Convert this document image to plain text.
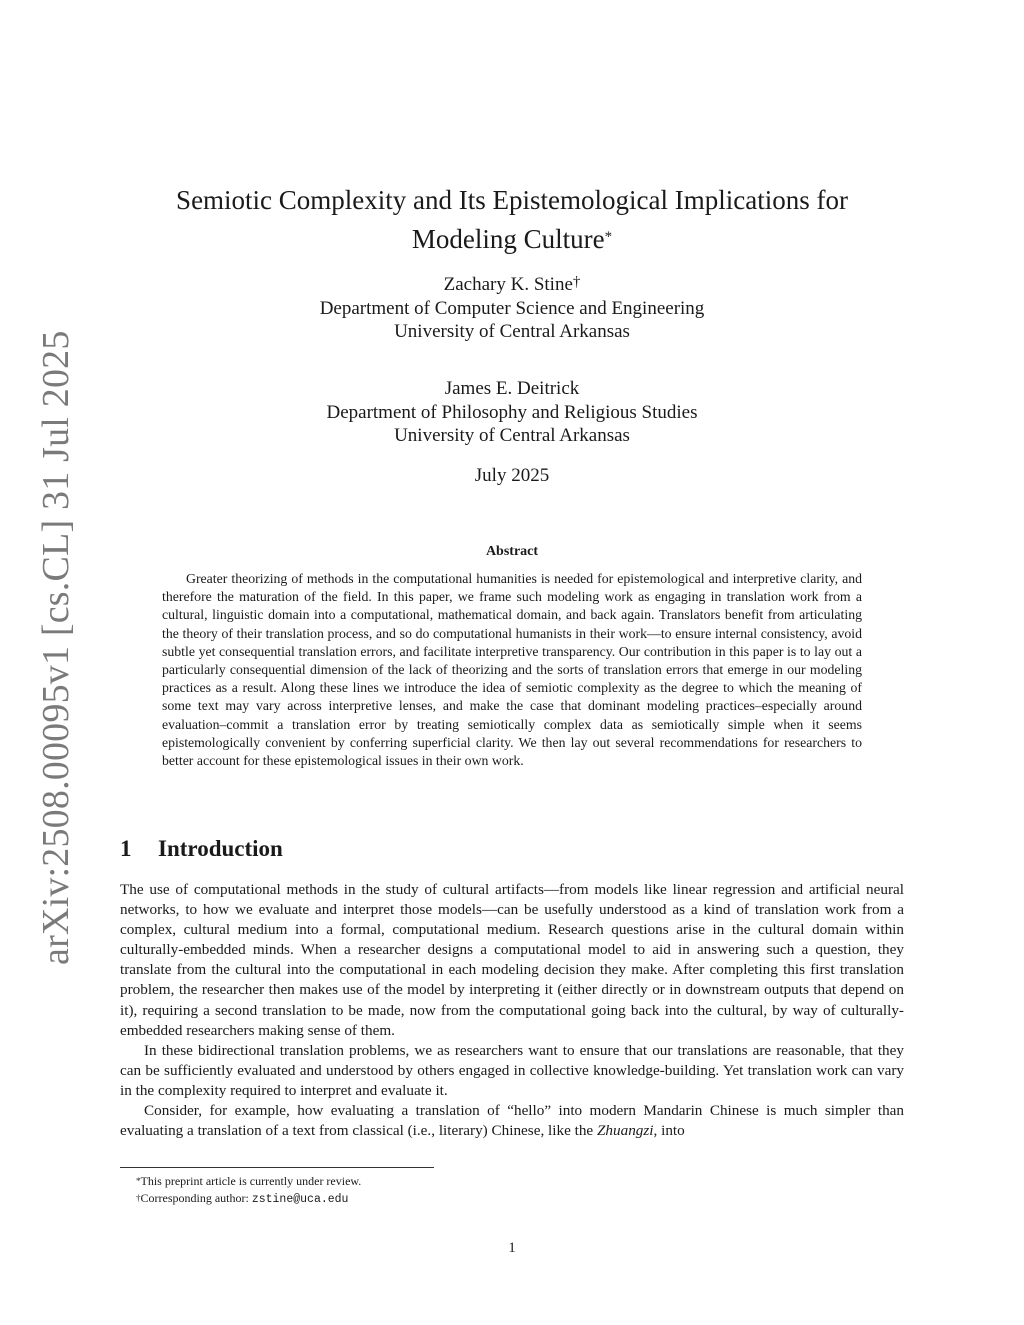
arXiv:2508.00095v1 [cs.CL] 31 Jul 2025
Semiotic Complexity and Its Epistemological Implications for
Modeling Culture*
Zachary K. Stine†
Department of Computer Science and Engineering
University of Central Arkansas
James E. Deitrick
Department of Philosophy and Religious Studies
University of Central Arkansas
July 2025
Abstract

Greater theorizing of methods in the computational humanities is needed for epistemological and interpretive clarity, and therefore the maturation of the field. In this paper, we frame such modeling work as engaging in translation work from a cultural, linguistic domain into a computational, mathematical domain, and back again. Translators benefit from articulating the theory of their translation process, and so do computational humanists in their work—to ensure internal consistency, avoid subtle yet consequential translation errors, and facilitate interpretive transparency. Our contribution in this paper is to lay out a particularly consequential dimension of the lack of theorizing and the sorts of translation errors that emerge in our modeling practices as a result. Along these lines we introduce the idea of semiotic complexity as the degree to which the meaning of some text may vary across interpretive lenses, and make the case that dominant modeling practices–especially around evaluation–commit a translation error by treating semiotically complex data as semiotically simple when it seems epistemologically convenient by conferring superficial clarity. We then lay out several recommendations for researchers to better account for these epistemological issues in their own work.

1 Introduction

The use of computational methods in the study of cultural artifacts—from models like linear regression and artificial neural networks, to how we evaluate and interpret those models—can be usefully understood as a kind of translation work from a complex, cultural medium into a formal, computational medium. Research questions arise in the cultural domain within culturally-embedded minds. When a researcher designs a computational model to aid in answering such a question, they translate from the cultural into the computational in each modeling decision they make. After completing this first translation problem, the researcher then makes use of the model by interpreting it (either directly or in downstream outputs that depend on it), requiring a second translation to be made, now from the computational going back into the cultural, by way of culturally-embedded researchers making sense of them.

In these bidirectional translation problems, we as researchers want to ensure that our translations are reasonable, that they can be sufficiently evaluated and understood by others engaged in collective knowledge-building. Yet translation work can vary in the complexity required to interpret and evaluate it.

Consider, for example, how evaluating a translation of “hello” into modern Mandarin Chinese is much simpler than evaluating a translation of a text from classical (i.e., literary) Chinese, like the Zhuangzi, into

*This preprint article is currently under review.
†Corresponding author: zstine@uca.edu
1
